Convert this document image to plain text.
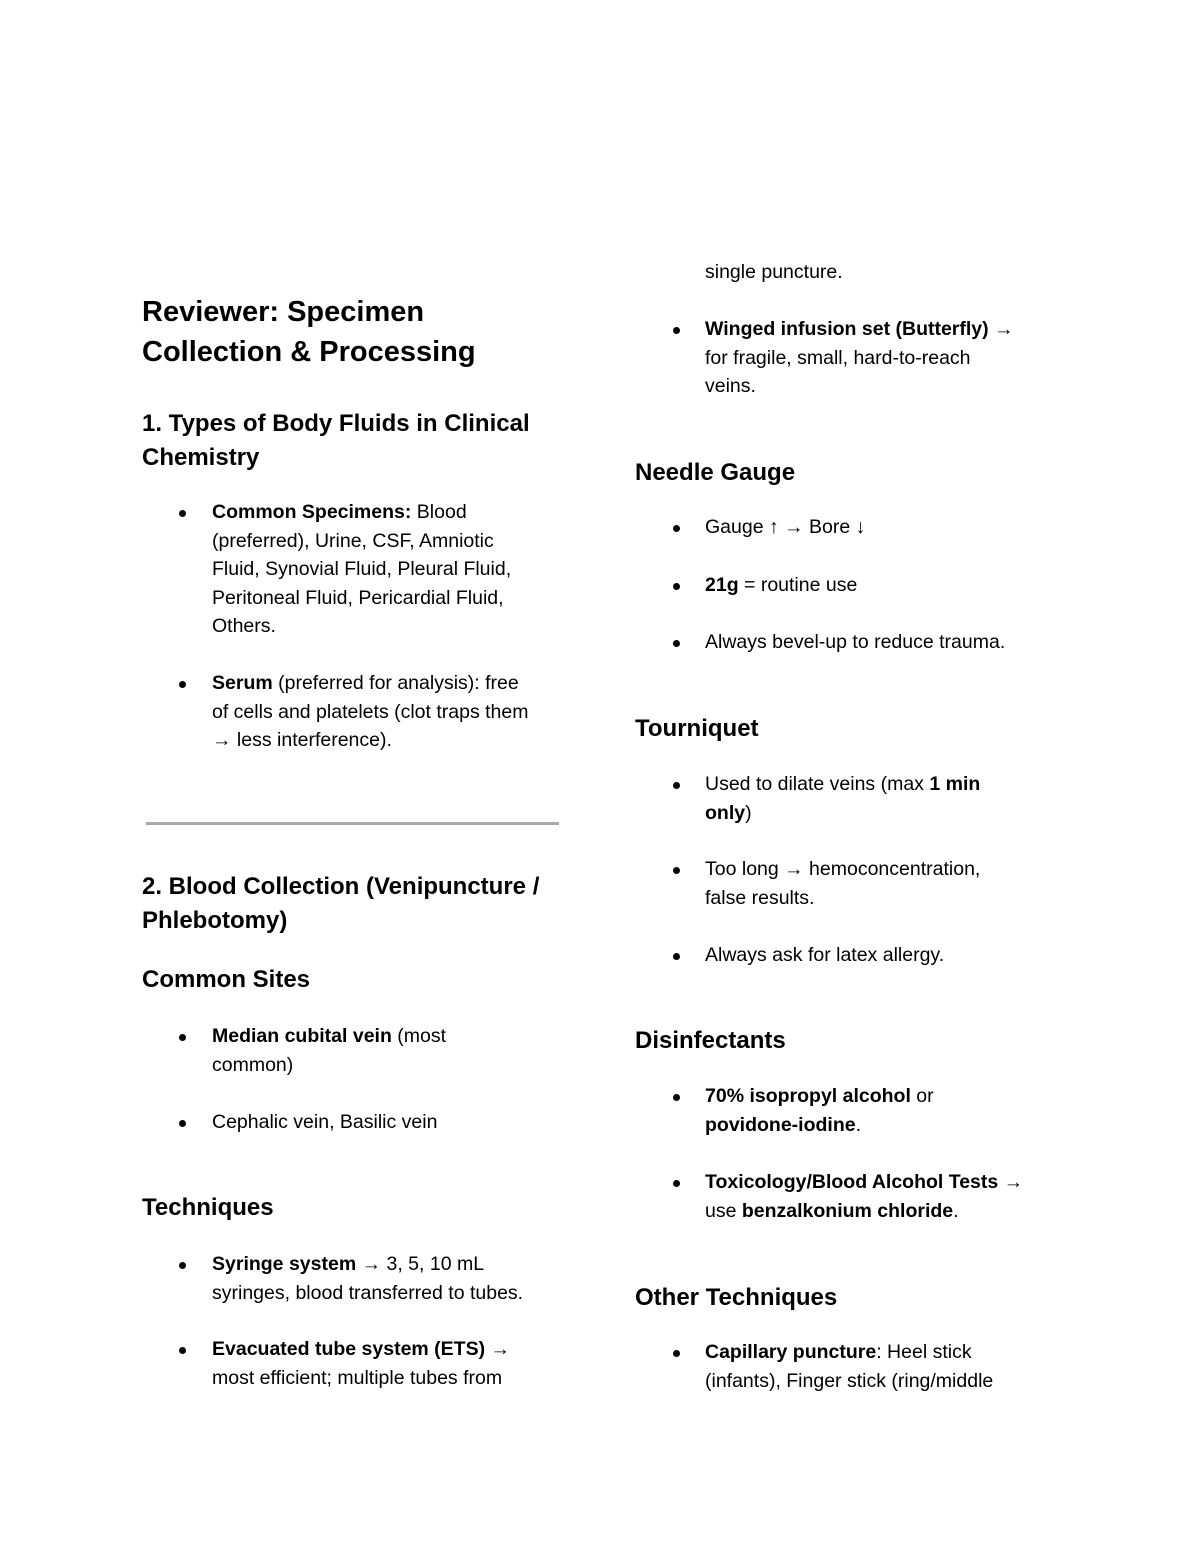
Reviewer: Specimen
Collection & Processing
1. Types of Body Fluids in Clinical
Chemistry
Common Specimens: Blood
(preferred), Urine, CSF, Amniotic
Fluid, Synovial Fluid, Pleural Fluid,
Peritoneal Fluid, Pericardial Fluid,
Others.
Serum (preferred for analysis): free
of cells and platelets (clot traps them
→ less interference).
2. Blood Collection (Venipuncture /
Phlebotomy)
Common Sites
Median cubital vein (most
common)
Cephalic vein, Basilic vein
Techniques
Syringe system → 3, 5, 10 mL
syringes, blood transferred to tubes.
Evacuated tube system (ETS) →
most efficient; multiple tubes from
single puncture.
Winged infusion set (Butterfly) →
for fragile, small, hard-to-reach
veins.
Needle Gauge
Gauge ↑ → Bore ↓
21g = routine use
Always bevel-up to reduce trauma.
Tourniquet
Used to dilate veins (max 1 min
only)
Too long → hemoconcentration,
false results.
Always ask for latex allergy.
Disinfectants
70% isopropyl alcohol or
povidone-iodine.
Toxicology/Blood Alcohol Tests →
use benzalkonium chloride.
Other Techniques
Capillary puncture: Heel stick
(infants), Finger stick (ring/middle
